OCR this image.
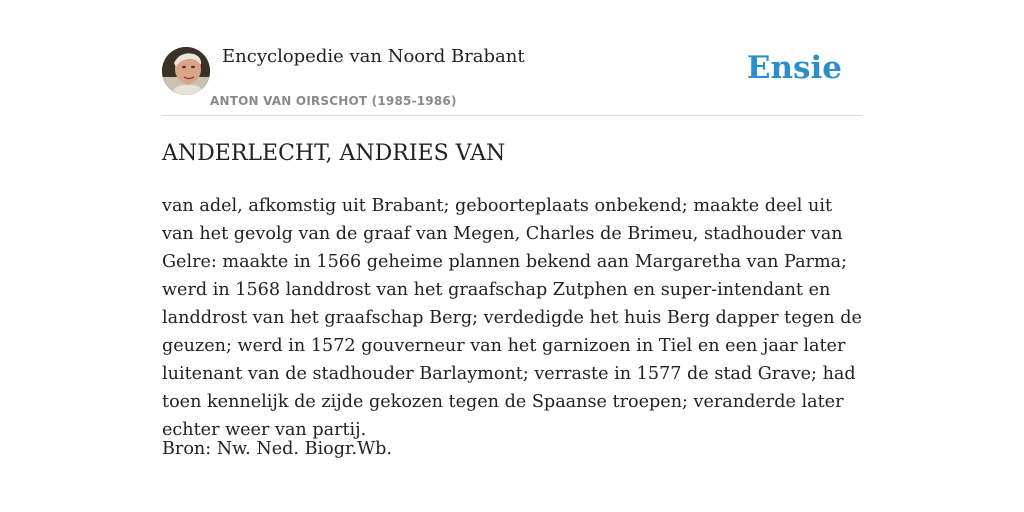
Encyclopedie van Noord Brabant
ANTON VAN OIRSCHOT (1985-1986)
Ensie
ANDERLECHT, ANDRIES VAN

van adel, afkomstig uit Brabant; geboorteplaats onbekend; maakte deel uit van het gevolg van de graaf van Megen, Charles de Brimeu, stadhouder van Gelre: maakte in 1566 geheime plannen bekend aan Margaretha van Parma; werd in 1568 landdrost van het graafschap Zutphen en super-intendant en landdrost van het graafschap Berg; verdedigde het huis Berg dapper tegen de geuzen; werd in 1572 gouverneur van het garnizoen in Tiel en een jaar later luitenant van de stadhouder Barlaymont; verraste in 1577 de stad Grave; had toen kennelijk de zijde gekozen tegen de Spaanse troepen; veranderde later echter weer van partij.

Bron: Nw. Ned. Biogr.Wb.
